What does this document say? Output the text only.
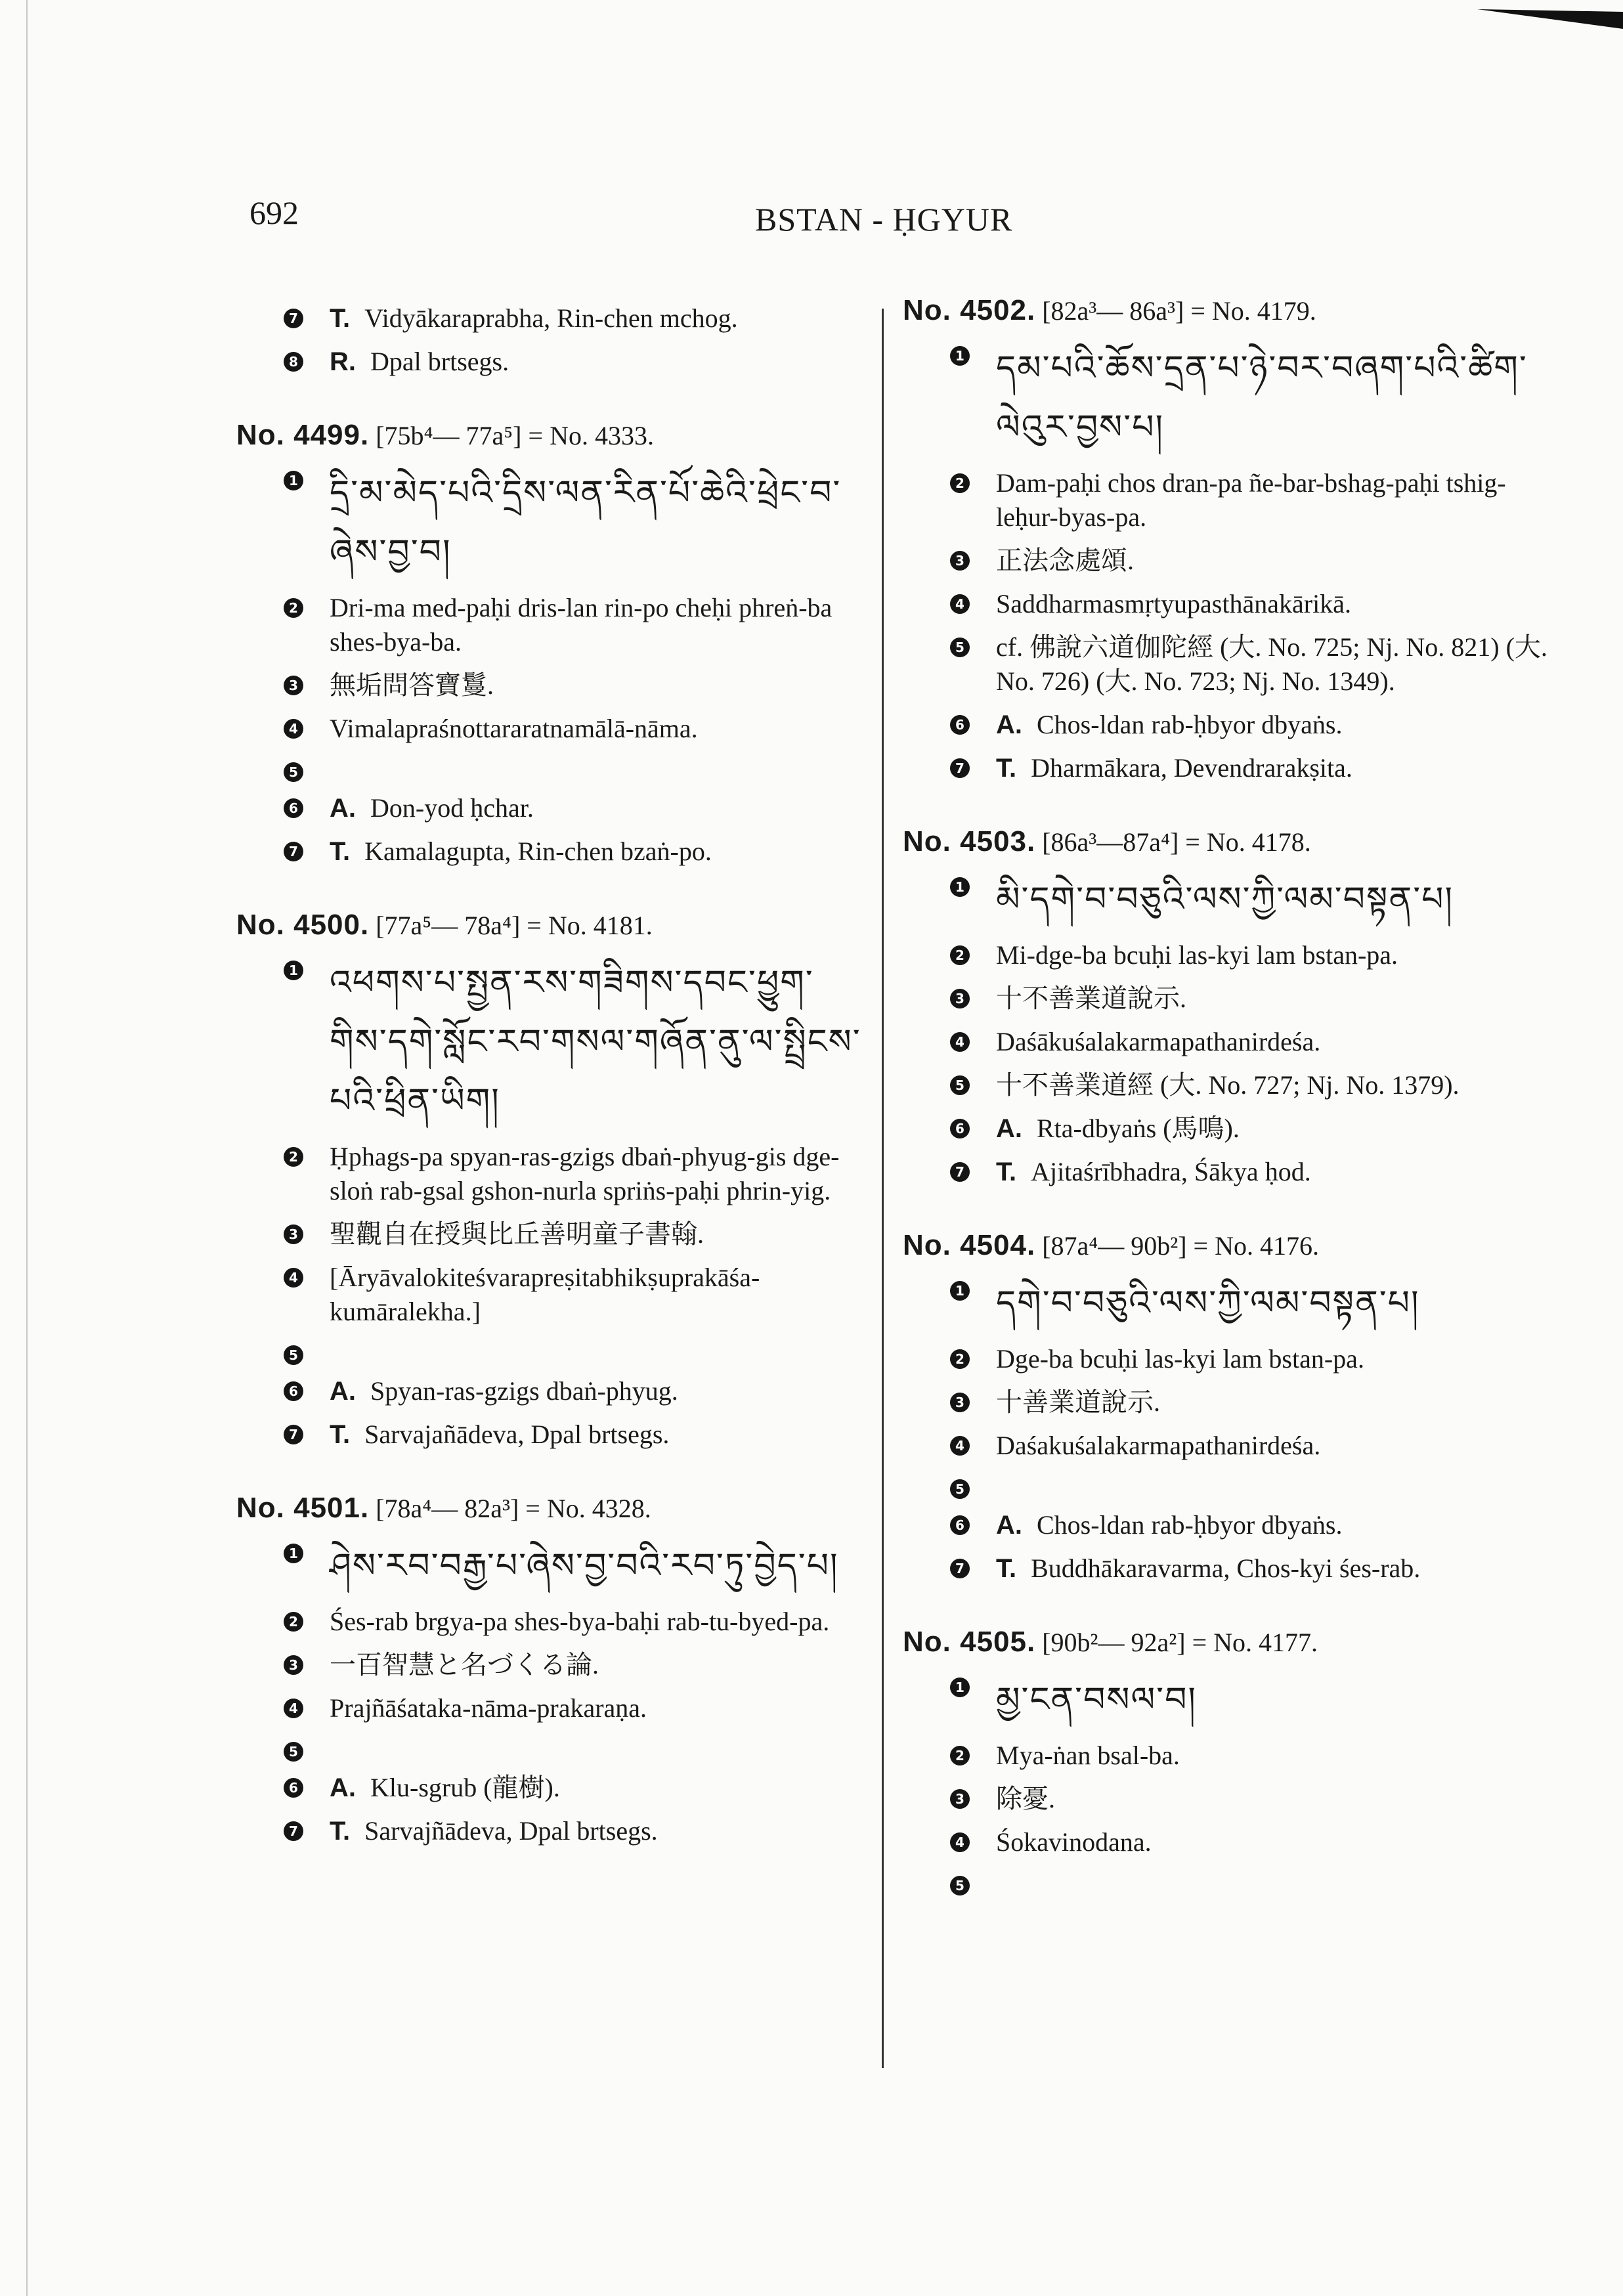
692	BSTAN - ḤGYUR
7 T. Vidyākaraprabha, Rin-chen mchog.
8 R. Dpal brtsegs.
No. 4499. [75b⁴— 77a⁵] = No. 4333.
1 དྲི་མ་མེད་པའི་དྲིས་ལན་རིན་པོ་ཆེའི་ཕྲེང་བ་ཞེས་བྱ་བ།
2 Dri-ma med-paḥi dris-lan rin-po cheḥi phreṅ-ba shes-bya-ba.
3 無垢問答寶鬘.
4 Vimalapraśnottararatnamālā-nāma.
5
6 A. Don-yod ḥchar.
7 T. Kamalagupta, Rin-chen bzaṅ-po.
No. 4500. [77a⁵— 78a⁴] = No. 4181.
1 འཕགས་པ་སྤྱན་རས་གཟིགས་དབང་ཕྱུག་གིས་དགེ་སློང་རབ་གསལ་གཞོན་ནུ་ལ་སྤྲིངས་པའི་ཕྲིན་ཡིག།
2 Ḥphags-pa spyan-ras-gzigs dbaṅ-phyug-gis dge-sloṅ rab-gsal gshon-nurla spriṅs-paḥi phrin-yig.
3 聖觀自在授與比丘善明童子書翰.
4 [Āryāvalokiteśvarapreṣitabhikṣuprakāśa-kumāralekha.]
5
6 A. Spyan-ras-gzigs dbaṅ-phyug.
7 T. Sarvajañādeva, Dpal brtsegs.
No. 4501. [78a⁴— 82a³] = No. 4328.
1 ཤེས་རབ་བརྒྱ་པ་ཞེས་བྱ་བའི་རབ་ཏུ་བྱེད་པ།
2 Śes-rab brgya-pa shes-bya-baḥi rab-tu-byed-pa.
3 一百智慧と名づくる論.
4 Prajñāśataka-nāma-prakaraṇa.
5
6 A. Klu-sgrub (龍樹).
7 T. Sarvajñādeva, Dpal brtsegs.
No. 4502. [82a³— 86a³] = No. 4179.
1 དམ་པའི་ཆོས་དྲན་པ་ཉེ་བར་བཞག་པའི་ཚིག་ལེའུར་བྱས་པ།
2 Dam-paḥi chos dran-pa ñe-bar-bshag-paḥi tshig-leḥur-byas-pa.
3 正法念處頌.
4 Saddharmasmṛtyupasthānakārikā.
5 cf. 佛說六道伽陀經 (大. No. 725; Nj. No. 821) (大. No. 726) (大. No. 723; Nj. No. 1349).
6 A. Chos-ldan rab-ḥbyor dbyaṅs.
7 T. Dharmākara, Devendrarakṣita.
No. 4503. [86a³—87a⁴] = No. 4178.
1 མི་དགེ་བ་བཅུའི་ལས་ཀྱི་ལམ་བསྟན་པ།
2 Mi-dge-ba bcuḥi las-kyi lam bstan-pa.
3 十不善業道說示.
4 Daśākuśalakarmapathanirdeśa.
5 十不善業道經 (大. No. 727; Nj. No. 1379).
6 A. Rta-dbyaṅs (馬鳴).
7 T. Ajitaśrībhadra, Śākya ḥod.
No. 4504. [87a⁴— 90b²] = No. 4176.
1 དགེ་བ་བཅུའི་ལས་ཀྱི་ལམ་བསྟན་པ།
2 Dge-ba bcuḥi las-kyi lam bstan-pa.
3 十善業道說示.
4 Daśakuśalakarmapathanirdeśa.
5
6 A. Chos-ldan rab-ḥbyor dbyaṅs.
7 T. Buddhākaravarma, Chos-kyi śes-rab.
No. 4505. [90b²— 92a²] = No. 4177.
1 མྱ་ངན་བསལ་བ།
2 Mya-ṅan bsal-ba.
3 除憂.
4 Śokavinodana.
5
